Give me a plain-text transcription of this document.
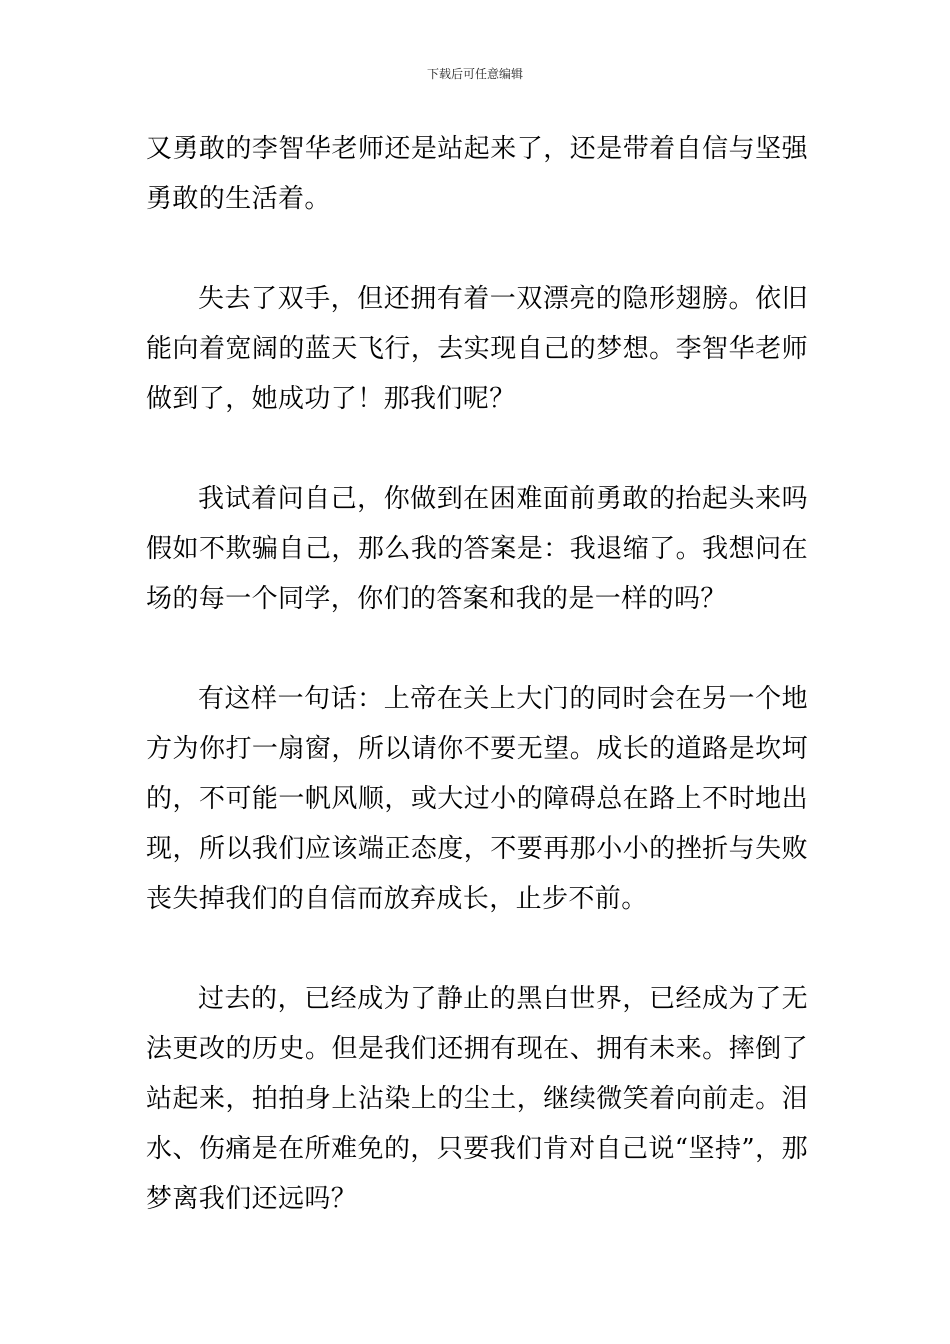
下载后可任意编辑

又勇敢的李智华老师还是站起来了，还是带着自信与坚强勇敢的生活着。

失去了双手，但还拥有着一双漂亮的隐形翅膀。依旧能向着宽阔的蓝天飞行，去实现自己的梦想。李智华老师做到了，她成功了！那我们呢？

我试着问自己，你做到在困难面前勇敢的抬起头来吗假如不欺骗自己，那么我的答案是：我退缩了。我想问在场的每一个同学，你们的答案和我的是一样的吗？

有这样一句话：上帝在关上大门的同时会在另一个地方为你打一扇窗，所以请你不要无望。成长的道路是坎坷的，不可能一帆风顺，或大过小的障碍总在路上不时地出现，所以我们应该端正态度，不要再那小小的挫折与失败丧失掉我们的自信而放弃成长，止步不前。

过去的，已经成为了静止的黑白世界，已经成为了无法更改的历史。但是我们还拥有现在、拥有未来。摔倒了站起来，拍拍身上沾染上的尘土，继续微笑着向前走。泪水、伤痛是在所难免的，只要我们肯对自己说“坚持”，那梦离我们还远吗？
